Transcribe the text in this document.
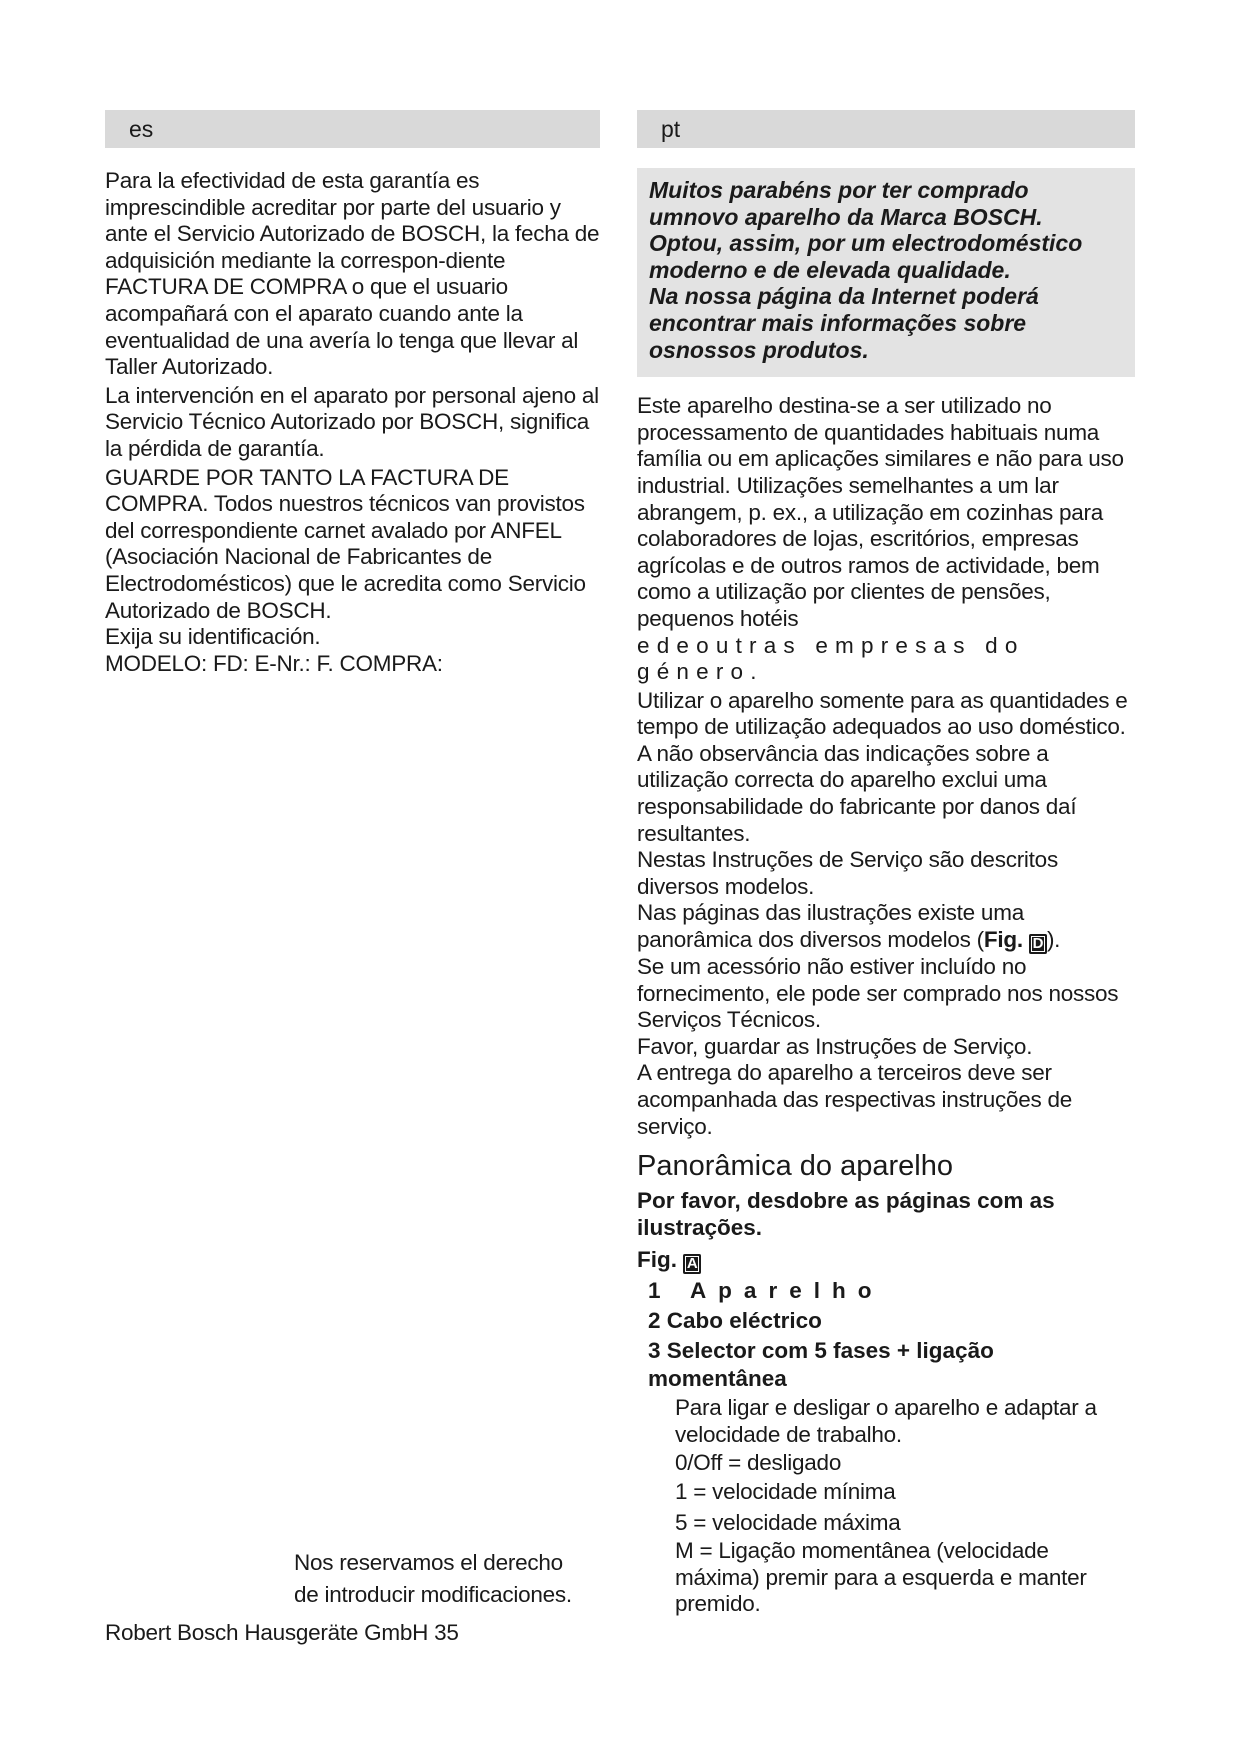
es

Para la efectividad de esta garantía es imprescindible acreditar por parte del usuario y ante el Servicio Autorizado de BOSCH, la fecha de adquisición mediante la correspon-diente FACTURA DE COMPRA o que el usuario acompañará con el aparato cuando ante la eventualidad de una avería lo tenga que llevar al Taller Autorizado.

La intervención en el aparato por personal ajeno al Servicio Técnico Autorizado por BOSCH, significa la pérdida de garantía.

GUARDE POR TANTO LA FACTURA DE COMPRA. Todos nuestros técnicos van provistos del correspondiente carnet avalado por ANFEL (Asociación Nacional de Fabricantes de Electrodomésticos) que le acredita como Servicio Autorizado de BOSCH.

Exija su identificación.

MODELO: FD: E-Nr.: F. COMPRA:

pt

Muitos parabéns por ter comprado

umnovo aparelho da Marca BOSCH.

Optou, assim, por um electrodoméstico

moderno e de elevada qualidade.

Na nossa página da Internet poderá

encontrar mais informações sobre

osnossos produtos.

Este aparelho destina-se a ser utilizado no processamento de quantidades habituais numa família ou em aplicações similares e não para uso industrial. Utilizações semelhantes a um lar abrangem, p. ex., a utilização em cozinhas para colaboradores de lojas, escritórios, empresas agrícolas e de outros ramos de actividade, bem como a utilização por clientes de pensões, pequenos hotéis

edeoutras empresas do género.

Utilizar o aparelho somente para as quantidades e tempo de utilização adequados ao uso doméstico.

A não observância das indicações sobre a utilização correcta do aparelho exclui uma responsabilidade do fabricante por danos daí resultantes.

Nestas Instruções de Serviço são descritos diversos modelos.

Nas páginas das ilustrações existe uma panorâmica dos diversos modelos (Fig. D ).

Se um acessório não estiver incluído no fornecimento, ele pode ser comprado nos nossos Serviços Técnicos.

Favor, guardar as Instruções de Serviço.

A entrega do aparelho a terceiros deve ser acompanhada das respectivas instruções de serviço.

Panorâmica do aparelho

Por favor, desdobre as páginas com as ilustrações.

Fig. A

1 Aparelho
2 Cabo eléctrico
3 Selector com 5 fases + ligação momentânea

Para ligar e desligar o aparelho e adaptar a velocidade de trabalho.

0/Off = desligado

1 = velocidade mínima

5 = velocidade máxima

M = Ligação momentânea (velocidade máxima) premir para a esquerda e manter premido.

Nos reservamos el derecho
de introducir modificaciones.
Robert Bosch Hausgeräte GmbH 35
